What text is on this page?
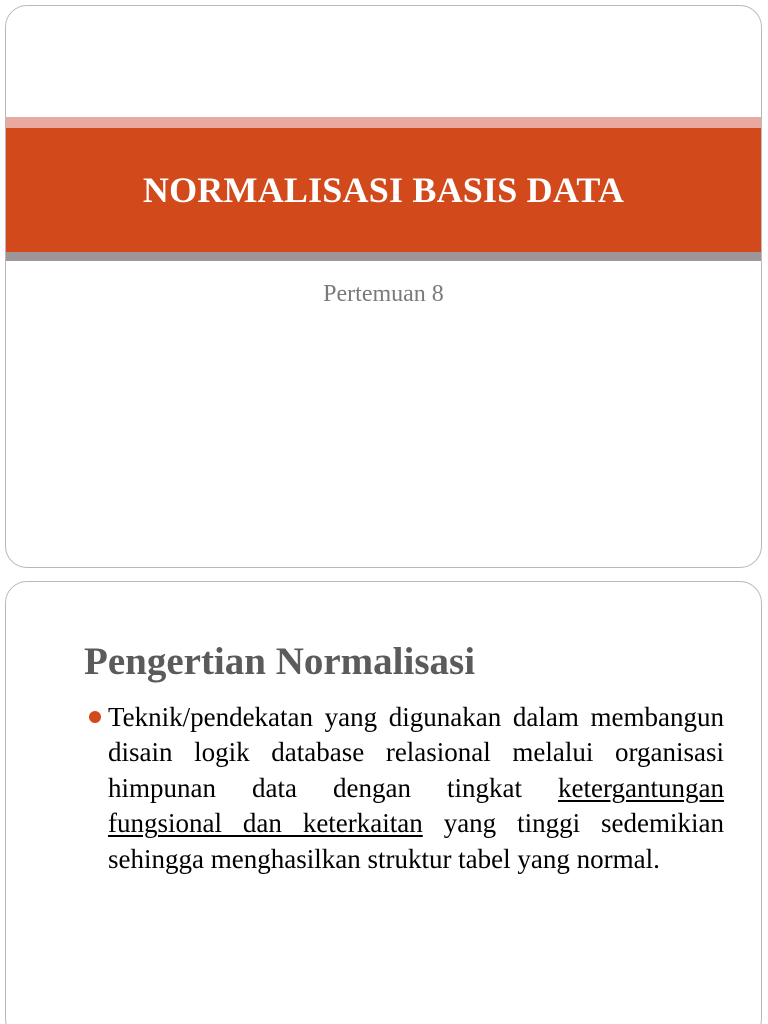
NORMALISASI BASIS DATA
Pertemuan 8
Pengertian Normalisasi
Teknik/pendekatan yang digunakan dalam membangun disain logik database relasional melalui organisasi himpunan data dengan tingkat ketergantungan fungsional dan keterkaitan yang tinggi sedemikian sehingga menghasilkan struktur tabel yang normal.
